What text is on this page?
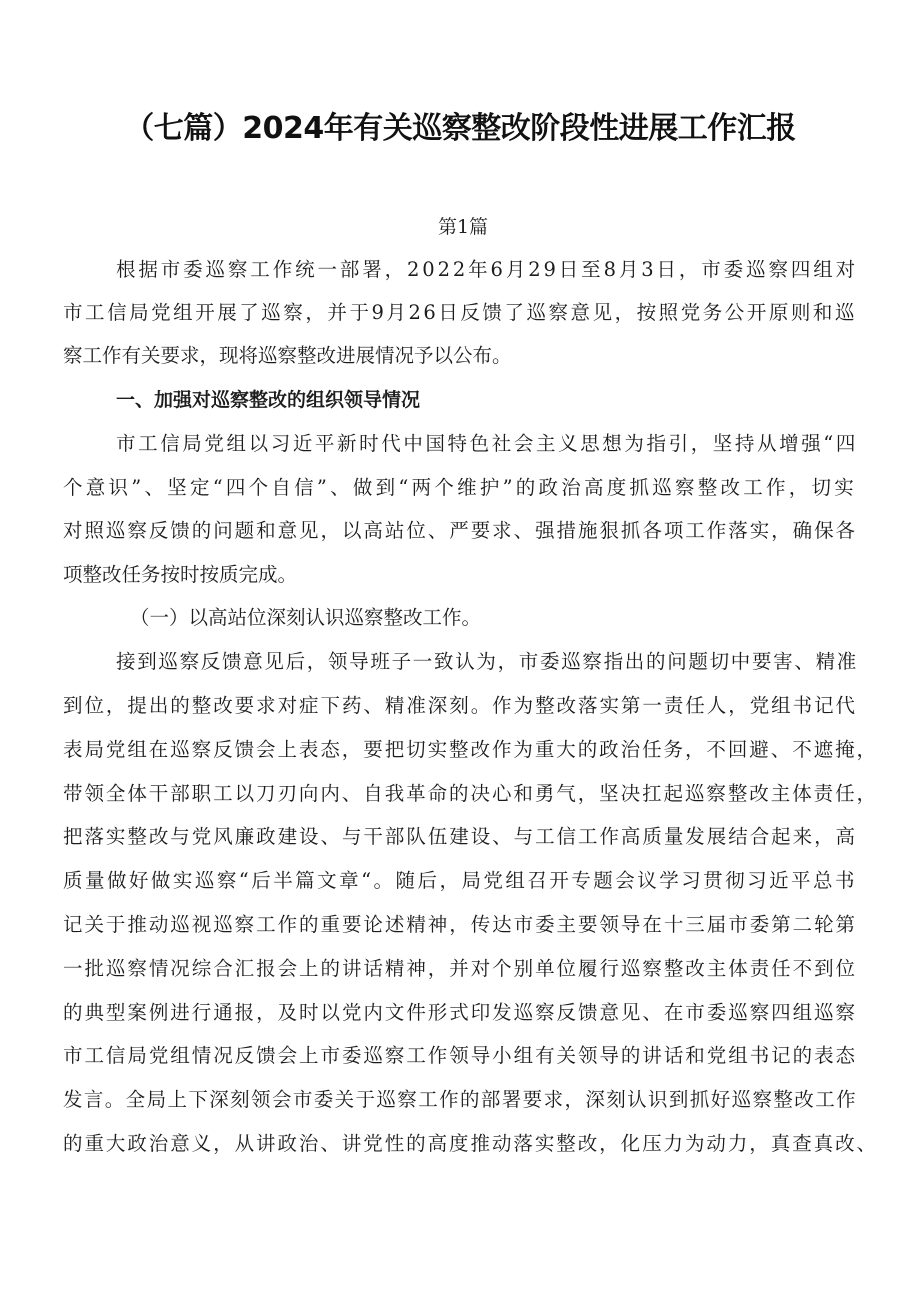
（七篇）2024年有关巡察整改阶段性进展工作汇报
第1篇
根据市委巡察工作统一部署，2022年6月29日至8月3日，市委巡察四组对
市工信局党组开展了巡察，并于9月26日反馈了巡察意见，按照党务公开原则和巡
察工作有关要求，现将巡察整改进展情况予以公布。
一、加强对巡察整改的组织领导情况
市工信局党组以习近平新时代中国特色社会主义思想为指引，坚持从增强“四
个意识”、坚定“四个自信”、做到“两个维护”的政治高度抓巡察整改工作，切实
对照巡察反馈的问题和意见，以高站位、严要求、强措施狠抓各项工作落实，确保各
项整改任务按时按质完成。
（一）以高站位深刻认识巡察整改工作。
接到巡察反馈意见后，领导班子一致认为，市委巡察指出的问题切中要害、精准
到位，提出的整改要求对症下药、精准深刻。作为整改落实第一责任人，党组书记代
表局党组在巡察反馈会上表态，要把切实整改作为重大的政治任务，不回避、不遮掩，
带领全体干部职工以刀刃向内、自我革命的决心和勇气，坚决扛起巡察整改主体责任，
把落实整改与党风廉政建设、与干部队伍建设、与工信工作高质量发展结合起来，高
质量做好做实巡察“后半篇文章“。随后，局党组召开专题会议学习贯彻习近平总书
记关于推动巡视巡察工作的重要论述精神，传达市委主要领导在十三届市委第二轮第
一批巡察情况综合汇报会上的讲话精神，并对个别单位履行巡察整改主体责任不到位
的典型案例进行通报，及时以党内文件形式印发巡察反馈意见、在市委巡察四组巡察
市工信局党组情况反馈会上市委巡察工作领导小组有关领导的讲话和党组书记的表态
发言。全局上下深刻领会市委关于巡察工作的部署要求，深刻认识到抓好巡察整改工作
的重大政治意义，从讲政治、讲党性的高度推动落实整改，化压力为动力，真查真改、
